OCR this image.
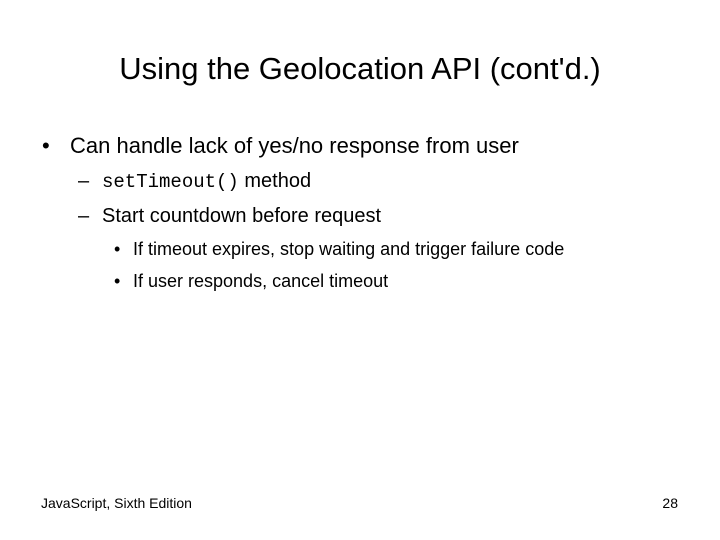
Using the Geolocation API (cont'd.)
• Can handle lack of yes/no response from user
– setTimeout() method
– Start countdown before request
• If timeout expires, stop waiting and trigger failure code
• If user responds, cancel timeout
JavaScript, Sixth Edition	28
